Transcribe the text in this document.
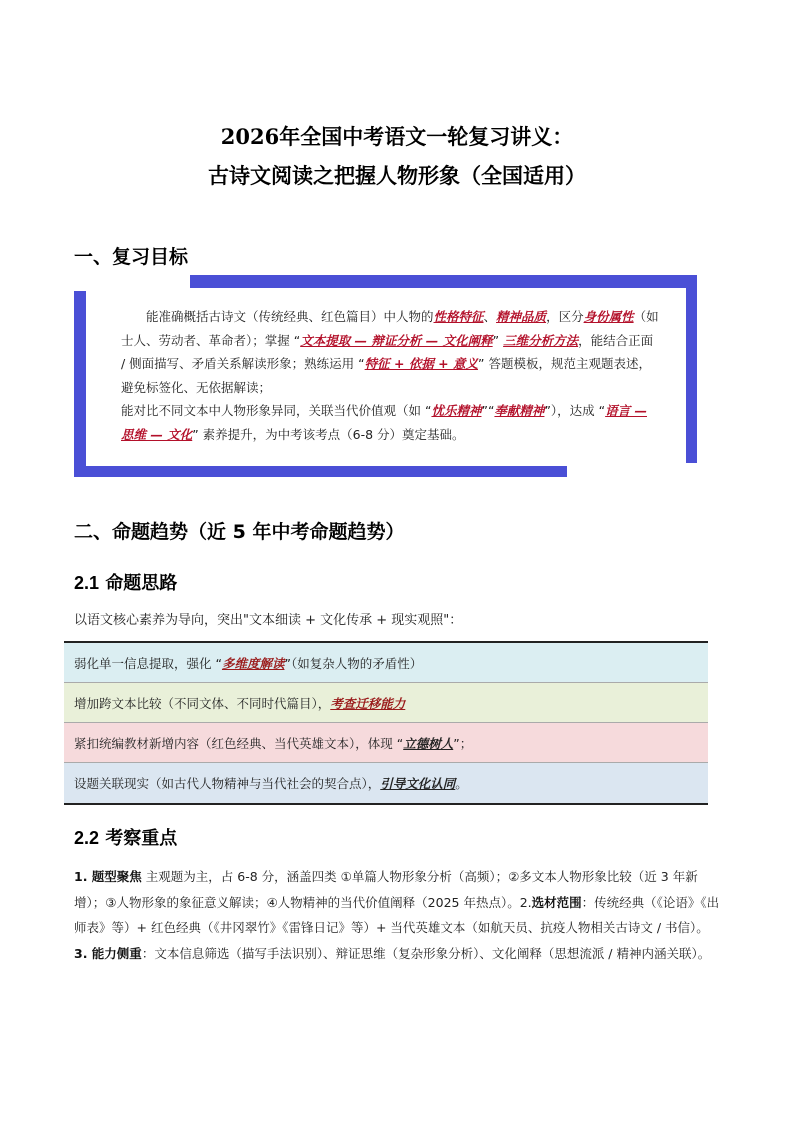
2026年全国中考语文一轮复习讲义：
古诗文阅读之把握人物形象（全国适用）
一、复习目标
能准确概括古诗文（传统经典、红色篇目）中人物的性格特征、精神品质，区分身份属性（如士人、劳动者、革命者）；掌握 “文本提取 — 辩证分析 — 文化阐释” 三维分析方法，能结合正面 / 侧面描写、矛盾关系解读形象；熟练运用 “特征 + 依据 + 意义” 答题模板，规范主观题表述，避免标签化、无依据解读；
能对比不同文本中人物形象异同，关联当代价值观（如 “忧乐精神”“奉献精神”），达成 “语言 — 思维 — 文化” 素养提升，为中考该考点（6-8 分）奠定基础。
二、命题趋势（近 5 年中考命题趋势）
2.1 命题思路
以语文核心素养为导向，突出"文本细读 + 文化传承 + 现实观照"：
弱化单一信息提取，强化 “ 多维度解读 ”（如复杂人物的矛盾性）
增加跨文本比较（不同文体、不同时代篇目）， 考查迁移能力
紧扣统编教材新增内容（红色经典、当代英雄文本），体现 “ 立德树人 ”；
设题关联现实（如古代人物精神与当代社会的契合点）， 引导文化认同 。
2.2 考察重点
1. 题型聚焦 主观题为主，占 6-8 分，涵盖四类 ①单篇人物形象分析（高频）；②多文本人物形象比较（近 3 年新增）；③人物形象的象征意义解读；④人物精神的当代价值阐释（2025 年热点）。2.选材范围：传统经典（《论语》《出师表》等）+ 红色经典（《井冈翠竹》《雷锋日记》等）+ 当代英雄文本（如航天员、抗疫人物相关古诗文 / 书信）。
3. 能力侧重：文本信息筛选（描写手法识别）、辩证思维（复杂形象分析）、文化阐释（思想流派 / 精神内涵关联）。
